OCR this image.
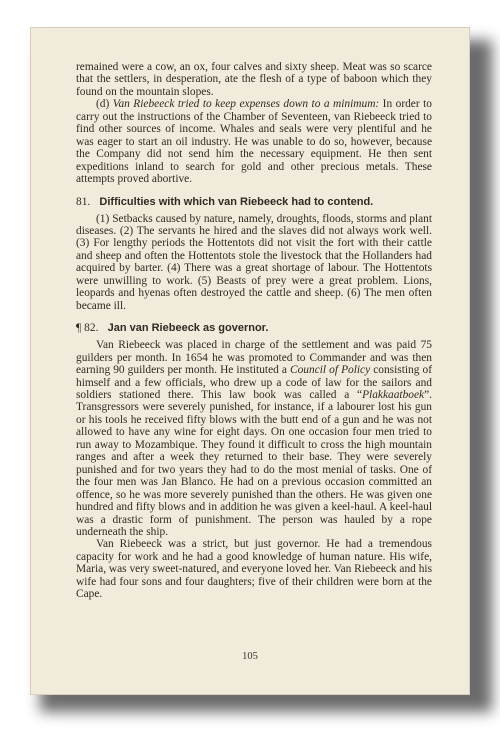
remained were a cow, an ox, four calves and sixty sheep. Meat was so scarce that the settlers, in desperation, ate the flesh of a type of baboon which they found on the mountain slopes.

(d) Van Riebeeck tried to keep expenses down to a minimum: In order to carry out the instructions of the Chamber of Seventeen, van Riebeeck tried to find other sources of income. Whales and seals were very plentiful and he was eager to start an oil industry. He was unable to do so, however, because the Company did not send him the necessary equipment. He then sent expeditions inland to search for gold and other precious metals. These attempts proved abortive.

81. Difficulties with which van Riebeeck had to contend.

(1) Setbacks caused by nature, namely, droughts, floods, storms and plant diseases. (2) The servants he hired and the slaves did not always work well. (3) For lengthy periods the Hottentots did not visit the fort with their cattle and sheep and often the Hottentots stole the livestock that the Hollanders had acquired by barter. (4) There was a great shortage of labour. The Hottentots were unwilling to work. (5) Beasts of prey were a great problem. Lions, leopards and hyenas often destroyed the cattle and sheep. (6) The men often became ill.

¶ 82. Jan van Riebeeck as governor.

Van Riebeeck was placed in charge of the settlement and was paid 75 guilders per month. In 1654 he was promoted to Commander and was then earning 90 guilders per month. He instituted a Council of Policy consisting of himself and a few officials, who drew up a code of law for the sailors and soldiers stationed there. This law book was called a “Plakkaatboek”. Transgressors were severely punished, for instance, if a labourer lost his gun or his tools he received fifty blows with the butt end of a gun and he was not allowed to have any wine for eight days. On one occasion four men tried to run away to Mozambique. They found it difficult to cross the high mountain ranges and after a week they returned to their base. They were severely punished and for two years they had to do the most menial of tasks. One of the four men was Jan Blanco. He had on a previous occasion committed an offence, so he was more severely punished than the others. He was given one hundred and fifty blows and in addition he was given a keel-haul. A keel-haul was a drastic form of punishment. The person was hauled by a rope underneath the ship.

Van Riebeeck was a strict, but just governor. He had a tremendous capacity for work and he had a good knowledge of human nature. His wife, Maria, was very sweet-natured, and everyone loved her. Van Riebeeck and his wife had four sons and four daughters; five of their children were born at the Cape.

105
